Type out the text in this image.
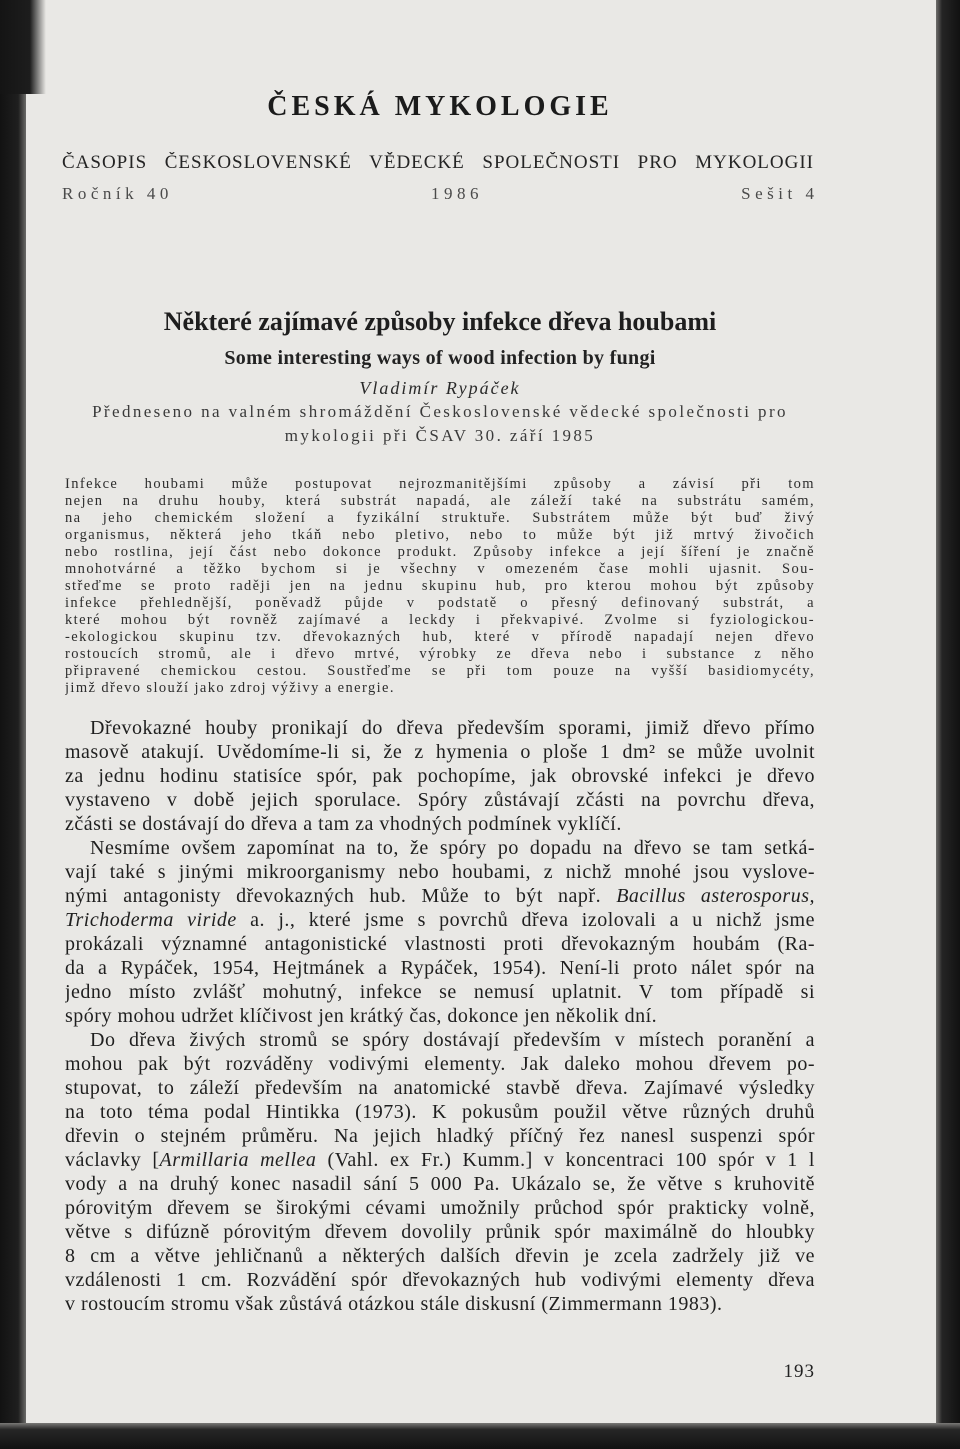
ČESKÁ MYKOLOGIE
ČASOPIS ČESKOSLOVENSKÉ VĚDECKÉ SPOLEČNOSTI PRO MYKOLOGII
Ročník 40	1986	Sešit 4
Některé zajímavé způsoby infekce dřeva houbami
Some interesting ways of wood infection by fungi
Vladimír Rypáček
Předneseno na valném shromáždění Československé vědecké společnosti pro
mykologii při ČSAV 30. září 1985
Infekce houbami může postupovat nejrozmanitějšími způsoby a závisí při tom
nejen na druhu houby, která substrát napadá, ale záleží také na substrátu samém,
na jeho chemickém složení a fyzikální struktuře. Substrátem může být buď živý
organismus, některá jeho tkáň nebo pletivo, nebo to může být již mrtvý živočich
nebo rostlina, její část nebo dokonce produkt. Způsoby infekce a její šíření je značně
mnohotvárné a těžko bychom si je všechny v omezeném čase mohli ujasnit. Sou-
střeďme se proto raději jen na jednu skupinu hub, pro kterou mohou být způsoby
infekce přehlednější, poněvadž půjde v podstatě o přesný definovaný substrát, a
které mohou být rovněž zajímavé a leckdy i překvapivé. Zvolme si fyziologickou-
-ekologickou skupinu tzv. dřevokazných hub, které v přírodě napadají nejen dřevo
rostoucích stromů, ale i dřevo mrtvé, výrobky ze dřeva nebo i substance z něho
připravené chemickou cestou. Soustřeďme se při tom pouze na vyšší basidiomycéty,
jimž dřevo slouží jako zdroj výživy a energie.
Dřevokazné houby pronikají do dřeva především sporami, jimiž dřevo přímo
masově atakují. Uvědomíme-li si, že z hymenia o ploše 1 dm² se může uvolnit
za jednu hodinu statisíce spór, pak pochopíme, jak obrovské infekci je dřevo
vystaveno v době jejich sporulace. Spóry zůstávají zčásti na povrchu dřeva,
zčásti se dostávají do dřeva a tam za vhodných podmínek vyklíčí.
Nesmíme ovšem zapomínat na to, že spóry po dopadu na dřevo se tam setká-
vají také s jinými mikroorganismy nebo houbami, z nichž mnohé jsou vyslove-
nými antagonisty dřevokazných hub. Může to být např. Bacillus asterosporus,
Trichoderma viride a. j., které jsme s povrchů dřeva izolovali a u nichž jsme
prokázali významné antagonistické vlastnosti proti dřevokazným houbám (Ra-
da a Rypáček, 1954, Hejtmánek a Rypáček, 1954). Není-li proto nálet spór na
jedno místo zvlášť mohutný, infekce se nemusí uplatnit. V tom případě si
spóry mohou udržet klíčivost jen krátký čas, dokonce jen několik dní.
Do dřeva živých stromů se spóry dostávají především v místech poranění a
mohou pak být rozváděny vodivými elementy. Jak daleko mohou dřevem po-
stupovat, to záleží především na anatomické stavbě dřeva. Zajímavé výsledky
na toto téma podal Hintikka (1973). K pokusům použil větve různých druhů
dřevin o stejném průměru. Na jejich hladký příčný řez nanesl suspenzi spór
václavky [Armillaria mellea (Vahl. ex Fr.) Kumm.] v koncentraci 100 spór v 1 l
vody a na druhý konec nasadil sání 5 000 Pa. Ukázalo se, že větve s kruhovitě
pórovitým dřevem se širokými cévami umožnily průchod spór prakticky volně,
větve s difúzně pórovitým dřevem dovolily průnik spór maximálně do hloubky
8 cm a větve jehličnanů a některých dalších dřevin je zcela zadržely již ve
vzdálenosti 1 cm. Rozvádění spór dřevokazných hub vodivými elementy dřeva
v rostoucím stromu však zůstává otázkou stále diskusní (Zimmermann 1983).
193
